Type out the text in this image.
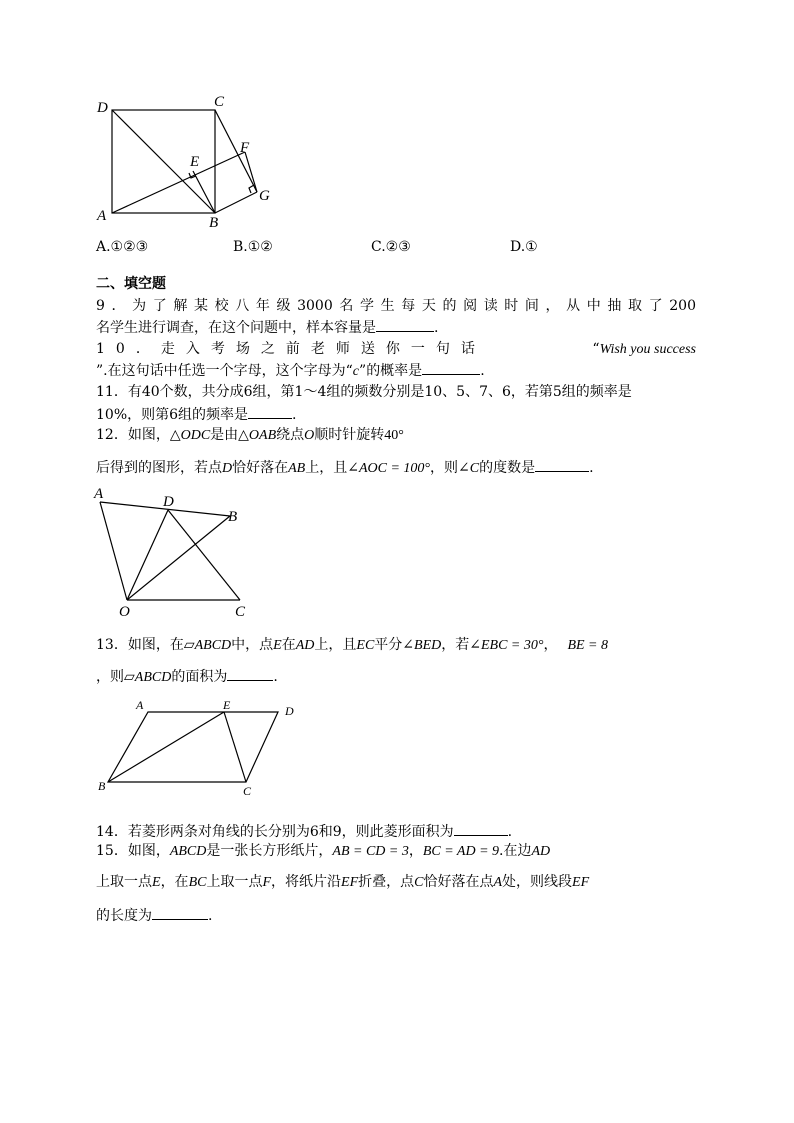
D	C
E
F
A	B
G
A.①②③	B.①②	C.②③	D.①
二、填空题
9．为了解某校八年级3000名学生每天的阅读时间，从中抽取了200
名学生进行调查，在这个问题中，样本容量是	.
10．走入考场之前老师送你一句话	“Wish you success
”.在这句话中任选一个字母，这个字母为“c”的概率是	.
11．有40个数，共分成6组，第1～4组的频数分别是10、5、7、6，若第5组的频率是
10%，则第6组的频率是	.
12．如图，△ODC是由△OAB绕点O顺时针旋转40°
后得到的图形，若点D恰好落在AB上，且∠AOC = 100°，则∠C的度数是	.
A	D
B
O	C
13．如图，在▱ABCD中，点E在AD上，且EC平分∠BED，若∠EBC = 30°， BE = 8
，则▱ABCD的面积为	.
A	E	D
B	C
14．若菱形两条对角线的长分别为6和9，则此菱形面积为	.
15．如图，ABCD是一张长方形纸片，AB = CD = 3，BC = AD = 9.在边AD
上取一点E，在BC上取一点F，将纸片沿EF折叠，点C恰好落在点A处，则线段EF
的长度为	.
